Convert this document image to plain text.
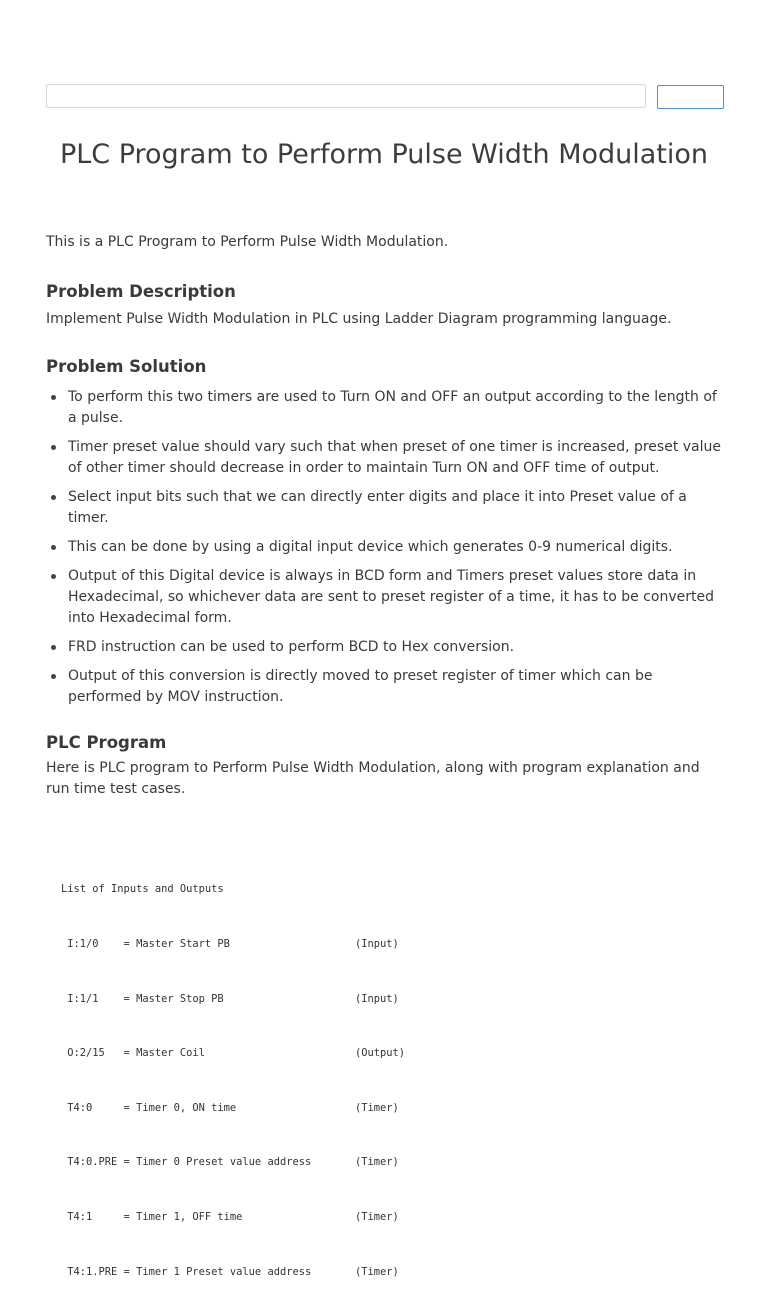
PLC Program to Perform Pulse Width Modulation

This is a PLC Program to Perform Pulse Width Modulation.

Problem Description

Implement Pulse Width Modulation in PLC using Ladder Diagram programming language.

Problem Solution
To perform this two timers are used to Turn ON and OFF an output according to the length of a pulse.
Timer preset value should vary such that when preset of one timer is increased, preset value of other timer should decrease in order to maintain Turn ON and OFF time of output.
Select input bits such that we can directly enter digits and place it into Preset value of a timer.
This can be done by using a digital input device which generates 0-9 numerical digits.
Output of this Digital device is always in BCD form and Timers preset values store data in Hexadecimal, so whichever data are sent to preset register of a time, it has to be converted into Hexadecimal form.
FRD instruction can be used to perform BCD to Hex conversion.
Output of this conversion is directly moved to preset register of timer which can be performed by MOV instruction.
PLC Program

Here is PLC program to Perform Pulse Width Modulation, along with program explanation and run time test cases.

List of Inputs and Outputs

I:1/0    = Master Start PB                    (Input)

I:1/1    = Master Stop PB                     (Input)

O:2/15   = Master Coil                        (Output)

T4:0     = Timer 0, ON time                   (Timer)

T4:0.PRE = Timer 0 Preset value address       (Timer)

T4:1     = Timer 1, OFF time                  (Timer)

T4:1.PRE = Timer 1 Preset value address       (Timer)
